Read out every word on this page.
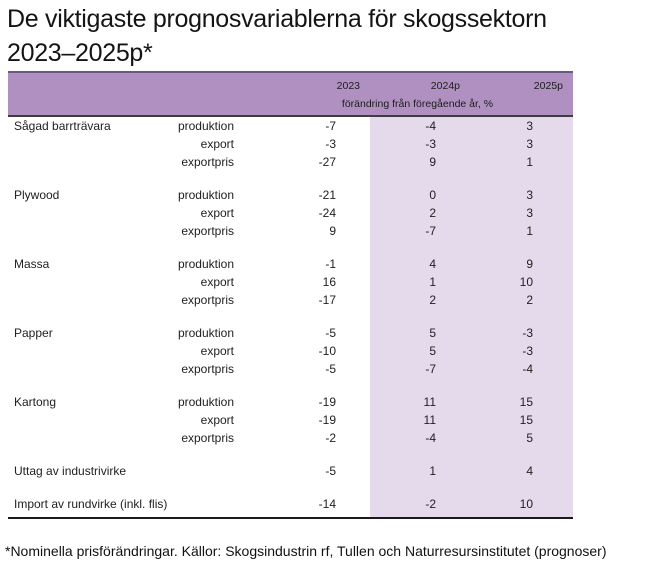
De viktigaste prognosvariablerna för skogssektorn
2023–2025p*
		2023	2024p	2025p
		förändring från föregående år, %		
Sågad barrträvara	produktion	-7	-4	3
	export	-3	-3	3
	exportpris	-27	9	1

Plywood	produktion	-21	0	3
	export	-24	2	3
	exportpris	9	-7	1

Massa	produktion	-1	4	9
	export	16	1	10
	exportpris	-17	2	2

Papper	produktion	-5	5	-3
	export	-10	5	-3
	exportpris	-5	-7	-4

Kartong	produktion	-19	11	15
	export	-19	11	15
	exportpris	-2	-4	5

Uttag av industrivirke		-5	1	4

Import av rundvirke (inkl. flis)		-14	-2	10

*Nominella prisförändringar. Källor: Skogsindustrin rf, Tullen och Naturresursinstitutet (prognoser)
